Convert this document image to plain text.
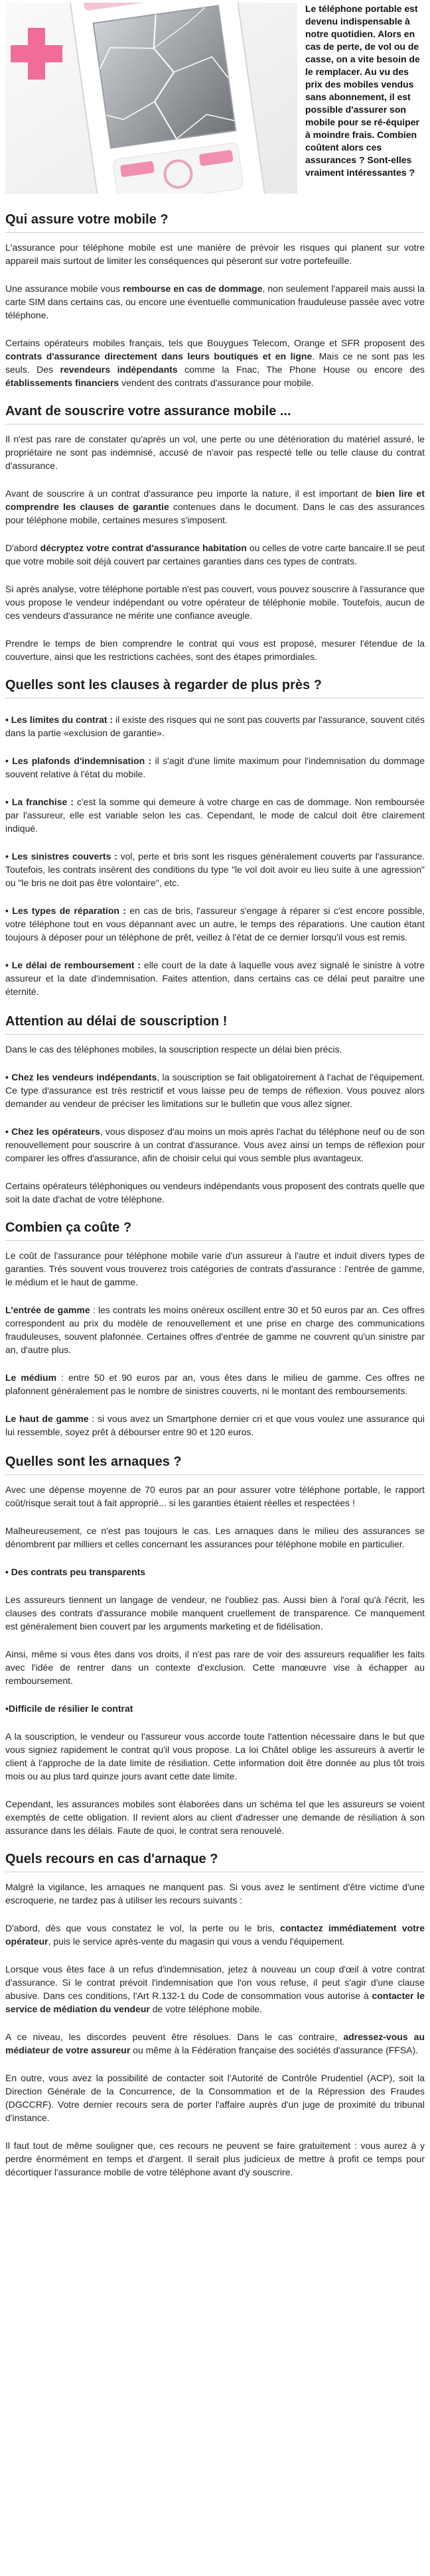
Le téléphone portable est devenu indispensable à notre quotidien. Alors en cas de perte, de vol ou de casse, on a vite besoin de le remplacer. Au vu des prix des mobiles vendus sans abonnement, il est possible d'assurer son mobile pour se ré-équiper à moindre frais. Combien coûtent alors ces assurances ? Sont-elles vraiment intéressantes ?

Qui assure votre mobile ?

L'assurance pour téléphone mobile est une manière de prévoir les risques qui planent sur votre appareil mais surtout de limiter les conséquences qui pèseront sur votre portefeuille.

Une assurance mobile vous rembourse en cas de dommage, non seulement l'appareil mais aussi la carte SIM dans certains cas, ou encore une éventuelle communication frauduleuse passée avec votre téléphone.

Certains opérateurs mobiles français, tels que Bouygues Telecom, Orange et SFR proposent des contrats d'assurance directement dans leurs boutiques et en ligne. Mais ce ne sont pas les seuls. Des revendeurs indépendants comme la Fnac, The Phone House ou encore des établissements financiers vendent des contrats d'assurance pour mobile.

Avant de souscrire votre assurance mobile ...

Il n'est pas rare de constater qu'après un vol, une perte ou une détérioration du matériel assuré, le propriétaire ne sont pas indemnisé, accusé de n'avoir pas respecté telle ou telle clause du contrat d'assurance.

Avant de souscrire à un contrat d'assurance peu importe la nature, il est important de bien lire et comprendre les clauses de garantie contenues dans le document. Dans le cas des assurances pour téléphone mobile, certaines mesures s'imposent.

D'abord décryptez votre contrat d'assurance habitation ou celles de votre carte bancaire.Il se peut que votre mobile soit déjà couvert par certaines garanties dans ces types de contrats.

Si après analyse, votre téléphone portable n'est pas couvert, vous pouvez souscrire à l'assurance que vous propose le vendeur indépendant ou votre opérateur de téléphonie mobile. Toutefois, aucun de ces vendeurs d'assurance ne mérite une confiance aveugle.

Prendre le temps de bien comprendre le contrat qui vous est proposé, mesurer l'étendue de la couverture, ainsi que les restrictions cachées, sont des étapes primordiales.

Quelles sont les clauses à regarder de plus près ?

• Les limites du contrat : il existe des risques qui ne sont pas couverts par l'assurance, souvent cités dans la partie «exclusion de garantie».

• Les plafonds d'indemnisation : il s'agit d'une limite maximum pour l'indemnisation du dommage souvent relative à l'état du mobile.

• La franchise : c'est la somme qui demeure à votre charge en cas de dommage. Non remboursée par l'assureur, elle est variable selon les cas. Cependant, le mode de calcul doit être clairement indiqué.

• Les sinistres couverts : vol, perte et bris sont les risques généralement couverts par l'assurance. Toutefois, les contrats insèrent des conditions du type "le vol doit avoir eu lieu suite à une agression" ou "le bris ne doit pas être volontaire", etc.

• Les types de réparation : en cas de bris, l'assureur s'engage à réparer si c'est encore possible, votre téléphone tout en vous dépannant avec un autre, le temps des réparations. Une caution étant toujours à déposer pour un téléphone de prêt, veillez à l'état de ce dernier lorsqu'il vous est remis.

• Le délai de remboursement : elle court de la date à laquelle vous avez signalé le sinistre à votre assureur et la date d'indemnisation. Faites attention, dans certains cas ce délai peut paraitre une éternité.

Attention au délai de souscription !

Dans le cas des téléphones mobiles, la souscription respecte un délai bien précis.

• Chez les vendeurs indépendants, la souscription se fait obligatoirement à l'achat de l'équipement. Ce type d'assurance est très restrictif et vous laisse peu de temps de réflexion. Vous pouvez alors demander au vendeur de préciser les limitations sur le bulletin que vous allez signer.

• Chez les opérateurs, vous disposez d'au moins un mois après l'achat du téléphone neuf ou de son renouvellement pour souscrire à un contrat d'assurance. Vous avez ainsi un temps de réflexion pour comparer les offres d'assurance, afin de choisir celui qui vous semble plus avantageux.

Certains opérateurs téléphoniques ou vendeurs indépendants vous proposent des contrats quelle que soit la date d'achat de votre téléphone.

Combien ça coûte ?

Le coût de l'assurance pour téléphone mobile varie d'un assureur à l'autre et induit divers types de garanties. Très souvent vous trouverez trois catégories de contrats d'assurance : l'entrée de gamme, le médium et le haut de gamme.

L'entrée de gamme : les contrats les moins onéreux oscillent entre 30 et 50 euros par an. Ces offres correspondent au prix du modèle de renouvellement et une prise en charge des communications frauduleuses, souvent plafonnée. Certaines offres d'entrée de gamme ne couvrent qu'un sinistre par an, d'autre plus.

Le médium : entre 50 et 90 euros par an, vous êtes dans le milieu de gamme. Ces offres ne plafonnent généralement pas le nombre de sinistres couverts, ni le montant des remboursements.

Le haut de gamme : si vous avez un Smartphone dernier cri et que vous voulez une assurance qui lui ressemble, soyez prêt à débourser entre 90 et 120 euros.

Quelles sont les arnaques ?

Avec une dépense moyenne de 70 euros par an pour assurer votre téléphone portable, le rapport coût/risque serait tout à fait approprié... si les garanties étaient réelles et respectées !

Malheureusement, ce n'est pas toujours le cas. Les arnaques dans le milieu des assurances se dénombrent par milliers et celles concernant les assurances pour téléphone mobile en particulier.

• Des contrats peu transparents

Les assureurs tiennent un langage de vendeur, ne l'oubliez pas. Aussi bien à l'oral qu'à l'écrit, les clauses des contrats d'assurance mobile manquent cruellement de transparence. Ce manquement est généralement bien couvert par les arguments marketing et de fidélisation.

Ainsi, même si vous êtes dans vos droits, il n'est pas rare de voir des assureurs requalifier les faits avec l'idée de rentrer dans un contexte d'exclusion. Cette manœuvre vise à échapper au remboursement.

•Difficile de résilier le contrat

A la souscription, le vendeur ou l'assureur vous accorde toute l'attention nécessaire dans le but que vous signiez rapidement le contrat qu'il vous propose. La loi Châtel oblige les assureurs à avertir le client à l'approche de la date limite de résiliation. Cette information doit être donnée au plus tôt trois mois ou au plus tard quinze jours avant cette date limite.

Cependant, les assurances mobiles sont élaborées dans un schéma tel que les assureurs se voient exemptés de cette obligation. Il revient alors au client d'adresser une demande de résiliation à son assurance dans les délais. Faute de quoi, le contrat sera renouvelé.

Quels recours en cas d'arnaque ?

Malgré la vigilance, les arnaques ne manquent pas. Si vous avez le sentiment d'être victime d'une escroquerie, ne tardez pas à utiliser les recours suivants :

D'abord, dès que vous constatez le vol, la perte ou le bris, contactez immédiatement votre opérateur, puis le service après-vente du magasin qui vous a vendu l'équipement.

Lorsque vous êtes face à un refus d'indemnisation, jetez à nouveau un coup d'œil à votre contrat d'assurance. Si le contrat prévoit l'indemnisation que l'on vous refuse, il peut s'agir d'une clause abusive. Dans ces conditions, l'Art R.132-1 du Code de consommation vous autorise à contacter le service de médiation du vendeur de votre téléphone mobile.

A ce niveau, les discordes peuvent être résolues. Dans le cas contraire, adressez-vous au médiateur de votre assureur ou même à la Fédération française des sociétés d'assurance (FFSA).

En outre, vous avez la possibilité de contacter soit l'Autorité de Contrôle Prudentiel (ACP), soit la Direction Générale de la Concurrence, de la Consommation et de la Répression des Fraudes (DGCCRF). Votre dernier recours sera de porter l'affaire auprès d'un juge de proximité du tribunal d'instance.

Il faut tout de même souligner que, ces recours ne peuvent se faire gratuitement : vous aurez à y perdre énormément en temps et d'argent. Il serait plus judicieux de mettre à profit ce temps pour décortiquer l'assurance mobile de votre téléphone avant d'y souscrire.
